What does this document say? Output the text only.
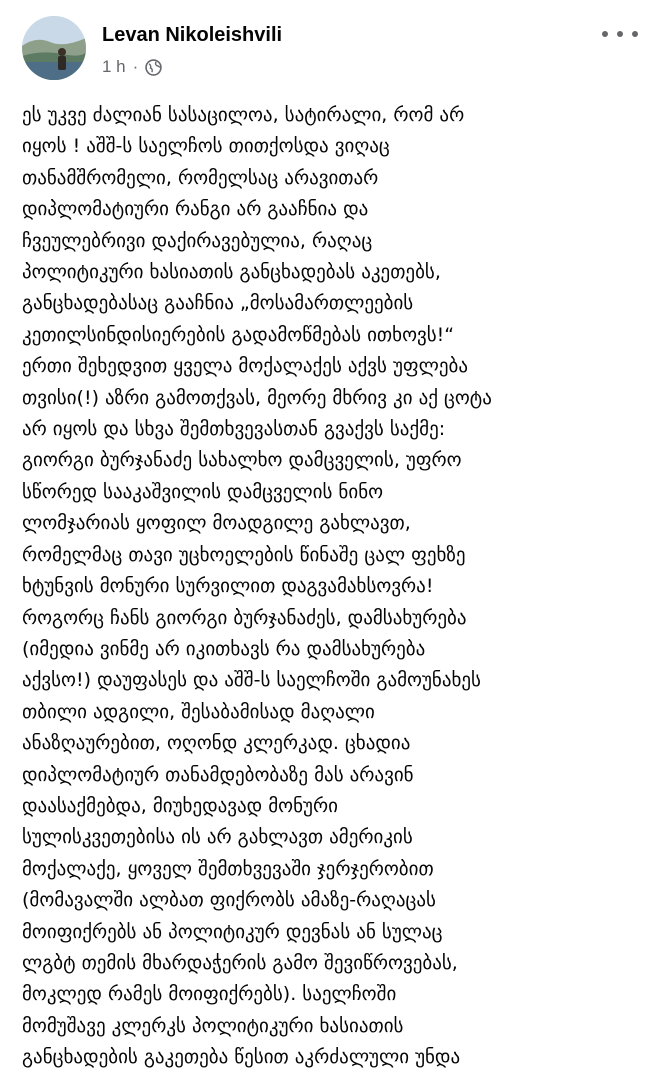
Levan Nikoleishvili
1 h ·
ეს უკვე ძალიან სასაცილოა, სატირალი, რომ არ
იყოს ! აშშ-ს საელჩოს თითქოსდა ვიღაც
თანამშრომელი, რომელსაც არავითარ
დიპლომატიური რანგი არ გააჩნია და
ჩვეულებრივი დაქირავებულია, რაღაც
პოლიტიკური ხასიათის განცხადებას აკეთებს,
განცხადებასაც გააჩნია „მოსამართლეების
კეთილსინდისიერების გადამოწმებას ითხოვს!“
ერთი შეხედვით ყველა მოქალაქეს აქვს უფლება
თვისი(!) აზრი გამოთქვას, მეორე მხრივ კი აქ ცოტა
არ იყოს და სხვა შემთხვევასთან გვაქვს საქმე:
გიორგი ბურჯანაძე სახალხო დამცველის, უფრო
სწორედ სააკაშვილის დამცველის ნინო
ლომჯარიას ყოფილ მოადგილე გახლავთ,
რომელმაც თავი უცხოელების წინაშე ცალ ფეხზე
ხტუნვის მონური სურვილით დაგვამახსოვრა!
როგორც ჩანს გიორგი ბურჯანაძეს, დამსახურება
(იმედია ვინმე არ იკითხავს რა დამსახურება
აქვსო!) დაუფასეს და აშშ-ს საელჩოში გამოუნახეს
თბილი ადგილი, შესაბამისად მაღალი
ანაზღაურებით, ოღონდ კლერკად. ცხადია
დიპლომატიურ თანამდებობაზე მას არავინ
დაასაქმებდა, მიუხედავად მონური
სულისკვეთებისა ის არ გახლავთ ამერიკის
მოქალაქე, ყოველ შემთხვევაში ჯერჯერობით
(მომავალში ალბათ ფიქრობს ამაზე-რაღაცას
მოიფიქრებს ან პოლიტიკურ დევნას ან სულაც
ლგბტ თემის მხარდაჭერის გამო შევიწროვებას,
მოკლედ რამეს მოიფიქრებს). საელჩოში
მომუშავე კლერკს პოლიტიკური ხასიათის
განცხადების გაკეთება წესით აკრძალული უნდა
